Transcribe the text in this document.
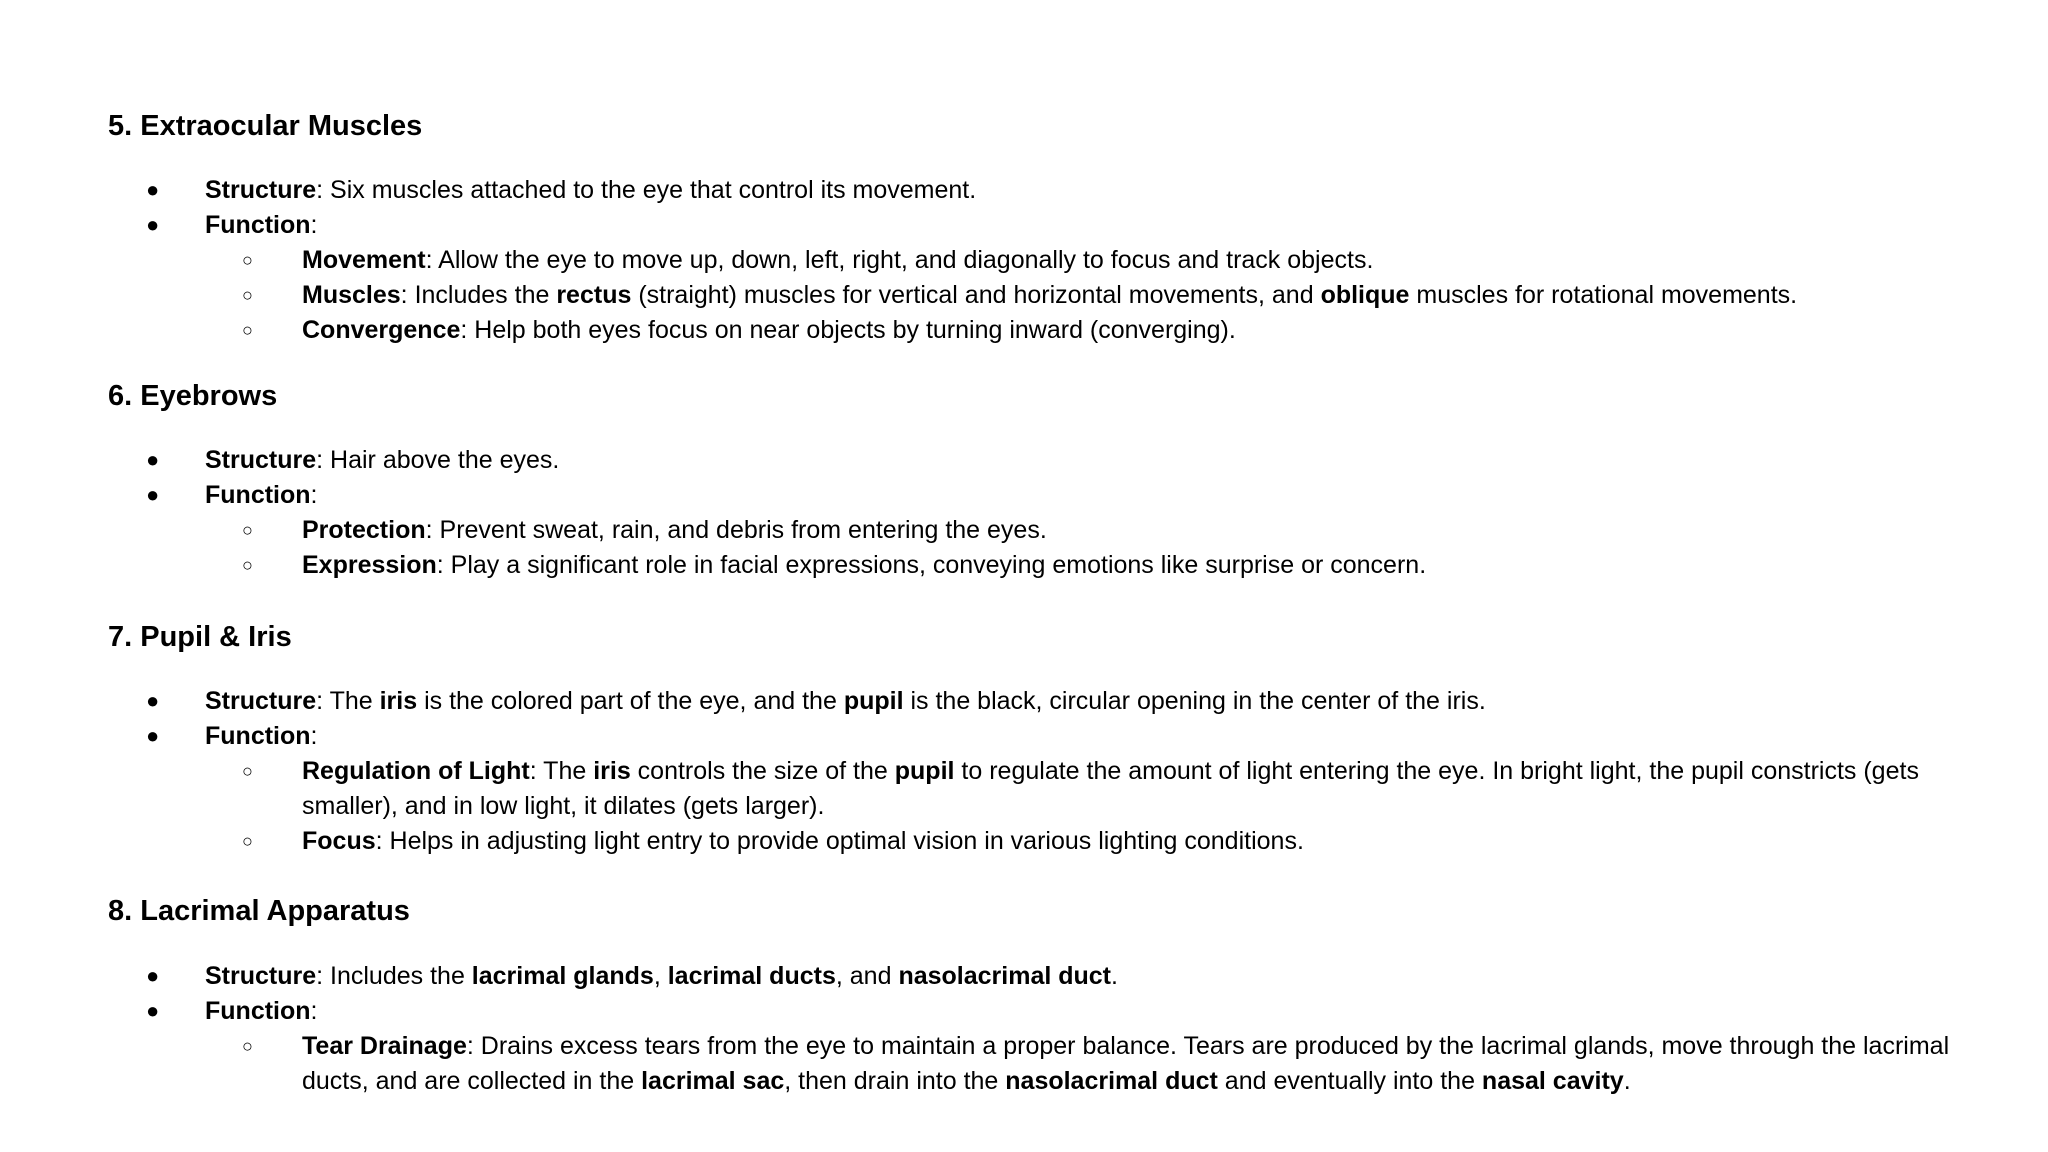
5. Extraocular Muscles
● Structure: Six muscles attached to the eye that control its movement.
● Function:
○ Movement: Allow the eye to move up, down, left, right, and diagonally to focus and track objects.
○ Muscles: Includes the rectus (straight) muscles for vertical and horizontal movements, and oblique muscles for rotational movements.
○ Convergence: Help both eyes focus on near objects by turning inward (converging).
6. Eyebrows
● Structure: Hair above the eyes.
● Function:
○ Protection: Prevent sweat, rain, and debris from entering the eyes.
○ Expression: Play a significant role in facial expressions, conveying emotions like surprise or concern.
7. Pupil & Iris
● Structure: The iris is the colored part of the eye, and the pupil is the black, circular opening in the center of the iris.
● Function:
○ Regulation of Light: The iris controls the size of the pupil to regulate the amount of light entering the eye. In bright light, the pupil constricts (gets
smaller), and in low light, it dilates (gets larger).
○ Focus: Helps in adjusting light entry to provide optimal vision in various lighting conditions.
8. Lacrimal Apparatus
● Structure: Includes the lacrimal glands, lacrimal ducts, and nasolacrimal duct.
● Function:
○ Tear Drainage: Drains excess tears from the eye to maintain a proper balance. Tears are produced by the lacrimal glands, move through the lacrimal
ducts, and are collected in the lacrimal sac, then drain into the nasolacrimal duct and eventually into the nasal cavity.
